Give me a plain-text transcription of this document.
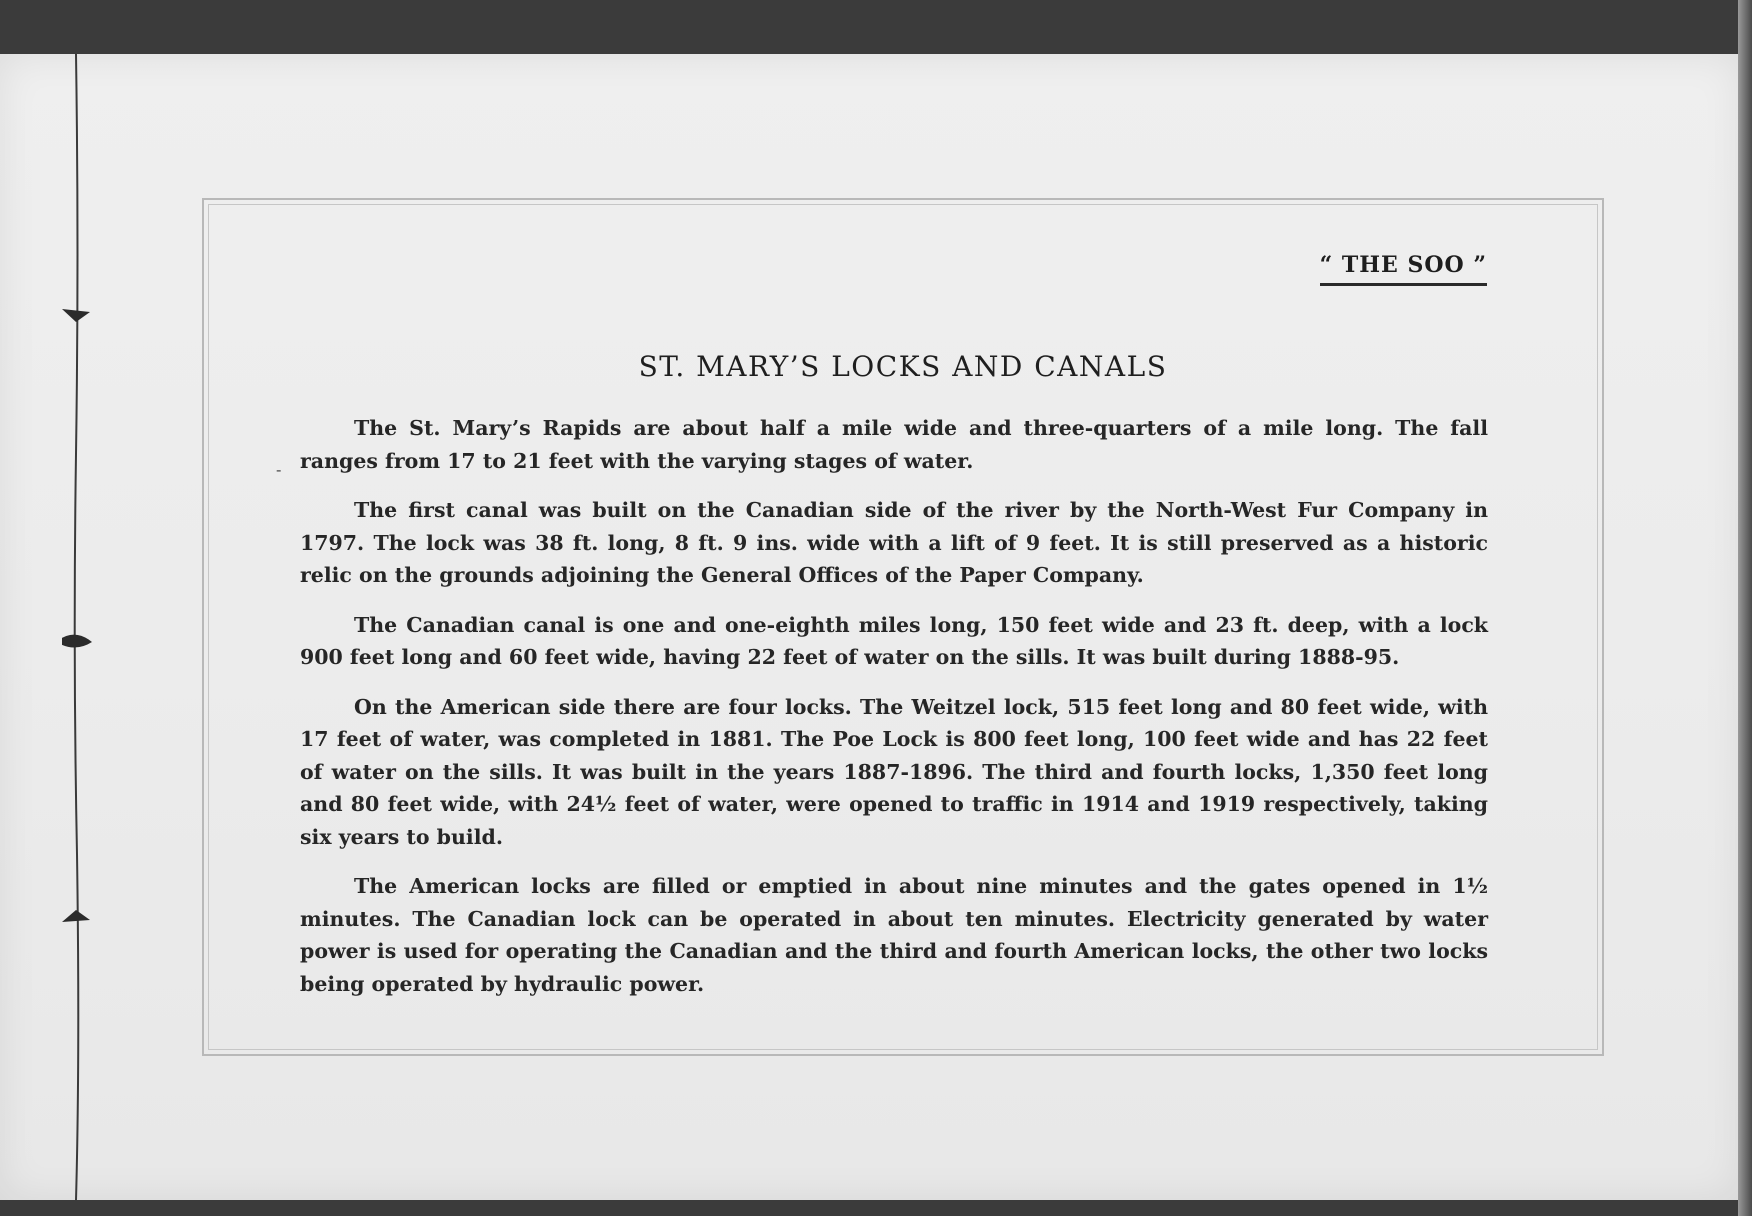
“ THE SOO ”
ST. MARY’S LOCKS AND CANALS
-

The St. Mary’s Rapids are about half a mile wide and three-quarters of a mile long. The fall ranges from 17 to 21 feet with the varying stages of water.

The first canal was built on the Canadian side of the river by the North-West Fur Company in 1797. The lock was 38 ft. long, 8 ft. 9 ins. wide with a lift of 9 feet. It is still preserved as a historic relic on the grounds adjoining the General Offices of the Paper Company.

The Canadian canal is one and one-eighth miles long, 150 feet wide and 23 ft. deep, with a lock 900 feet long and 60 feet wide, having 22 feet of water on the sills. It was built during 1888-95.

On the American side there are four locks. The Weitzel lock, 515 feet long and 80 feet wide, with 17 feet of water, was completed in 1881. The Poe Lock is 800 feet long, 100 feet wide and has 22 feet of water on the sills. It was built in the years 1887-1896. The third and fourth locks, 1,350 feet long and 80 feet wide, with 24½ feet of water, were opened to traffic in 1914 and 1919 respectively, taking six years to build.

The American locks are filled or emptied in about nine minutes and the gates opened in 1½ minutes. The Canadian lock can be operated in about ten minutes. Electricity generated by water power is used for operating the Canadian and the third and fourth American locks, the other two locks being operated by hydraulic power.
